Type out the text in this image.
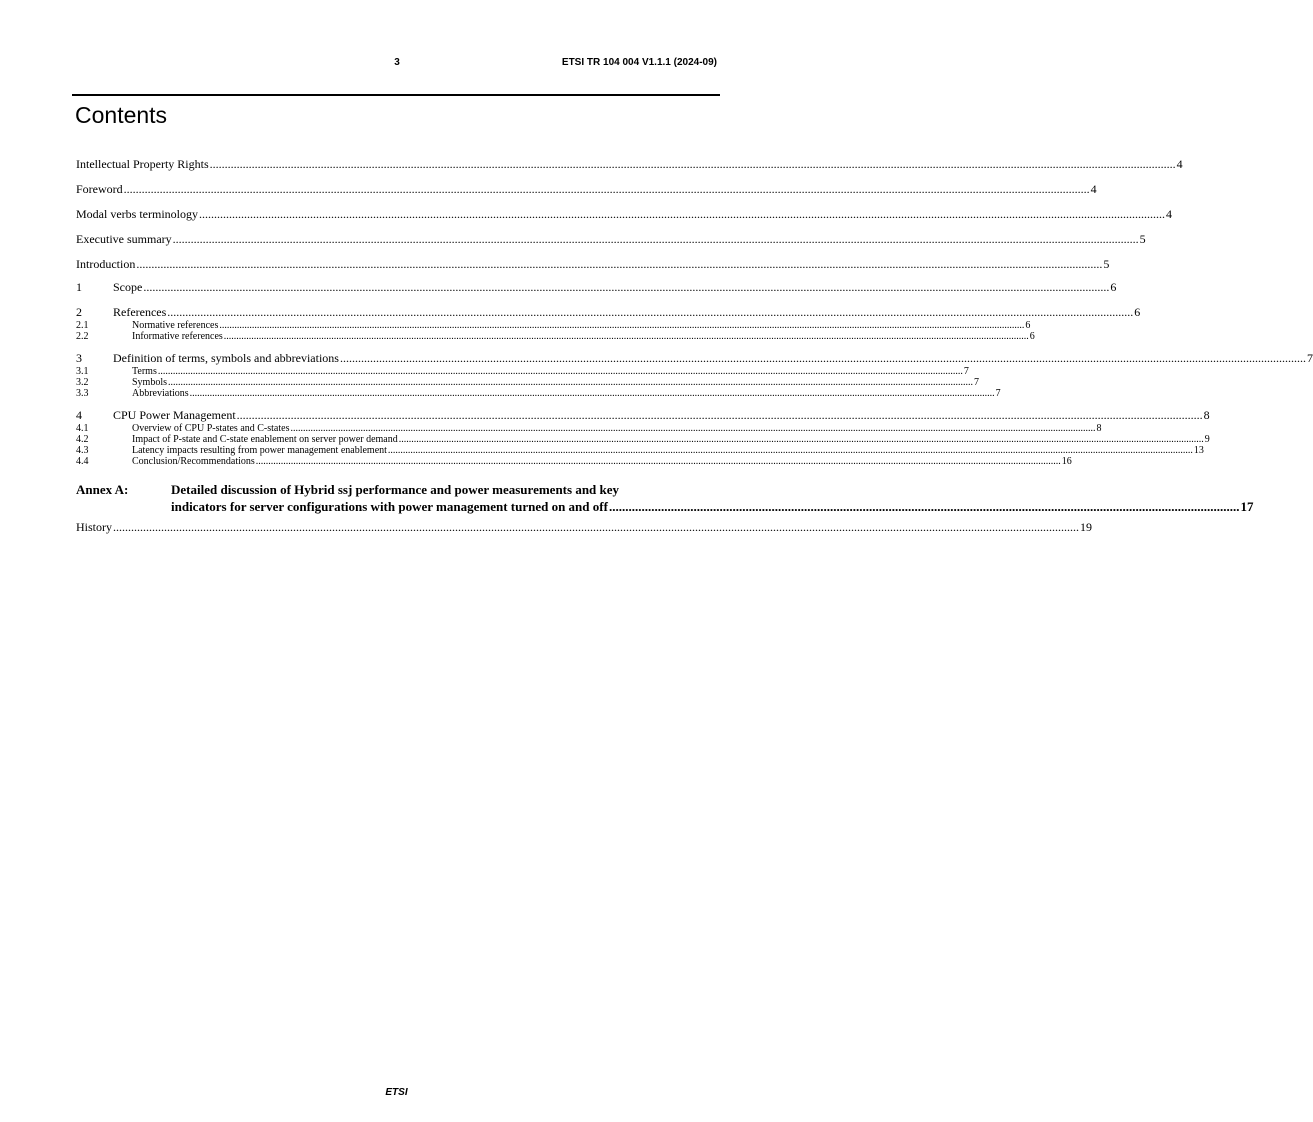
3	ETSI TR 104 004 V1.1.1 (2024-09)
Contents
Intellectual Property Rights .....	4
Foreword .....	4
Modal verbs terminology .....	4
Executive summary .....	5
Introduction .....	5
1	Scope .....	6
2	References .....	6
2.1	Normative references .....	6
2.2	Informative references .....	6
3	Definition of terms, symbols and abbreviations .....	7
3.1	Terms .....	7
3.2	Symbols .....	7
3.3	Abbreviations .....	7
4	CPU Power Management .....	8
4.1	Overview of CPU P-states and C-states .....	8
4.2	Impact of P-state and C-state enablement on server power demand .....	9
4.3	Latency impacts resulting from power management enablement .....	13
4.4	Conclusion/Recommendations .....	16
Annex A:	Detailed discussion of Hybrid ssj performance and power measurements and key
indicators for server configurations with power management turned on and off .....	17
History .....	19
ETSI
